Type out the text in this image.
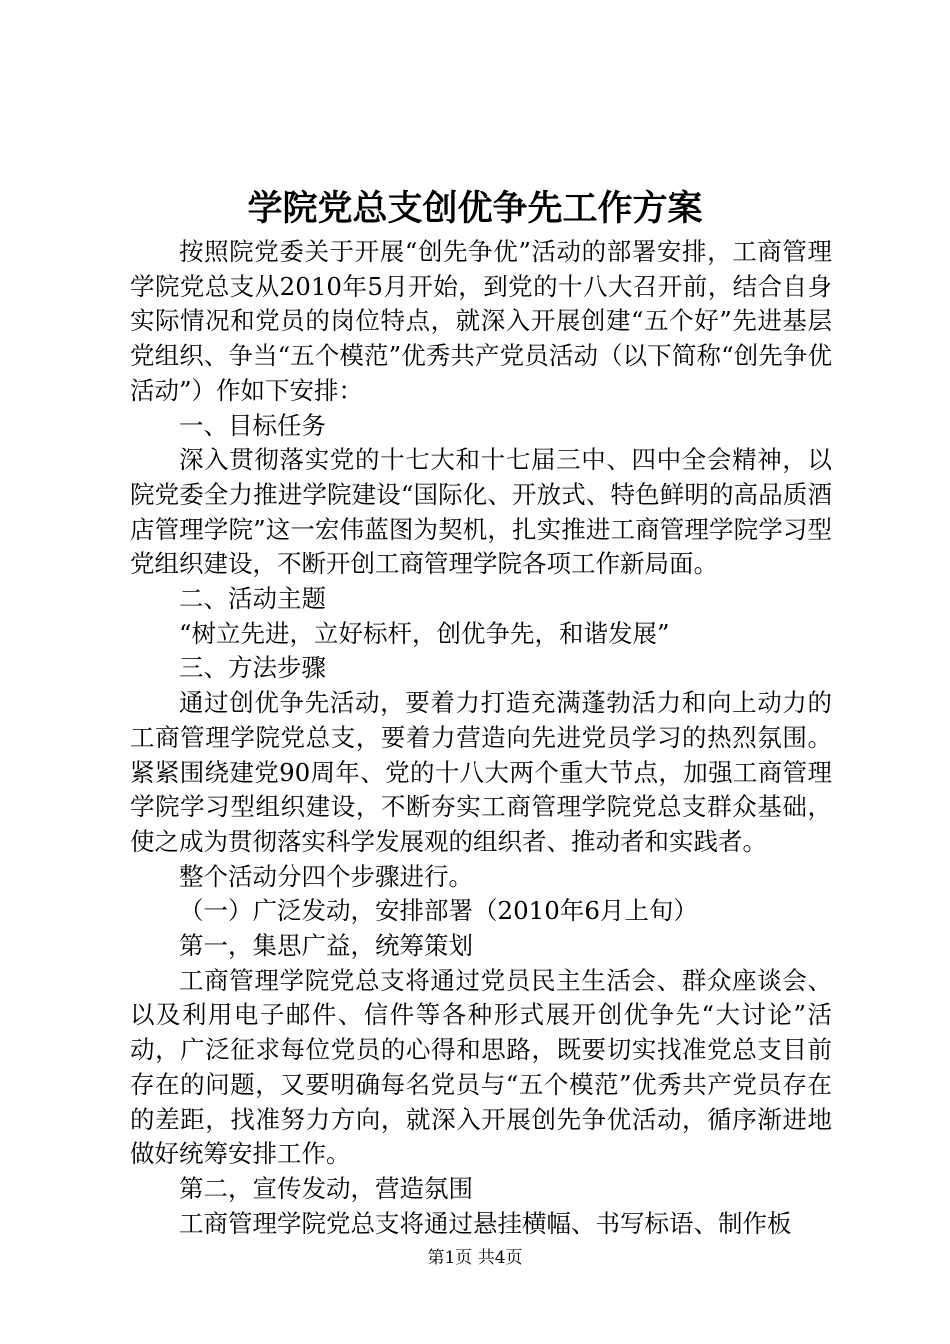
学院党总支创优争先工作方案

按照院党委关于开展“创先争优”活动的部署安排，工商管理学院党总支从2010年5月开始，到党的十八大召开前，结合自身实际情况和党员的岗位特点，就深入开展创建“五个好”先进基层党组织、争当“五个模范”优秀共产党员活动（以下简称“创先争优活动”）作如下安排：

一、目标任务

深入贯彻落实党的十七大和十七届三中、四中全会精神，以院党委全力推进学院建设“国际化、开放式、特色鲜明的高品质酒店管理学院”这一宏伟蓝图为契机，扎实推进工商管理学院学习型党组织建设，不断开创工商管理学院各项工作新局面。

二、活动主题

“树立先进，立好标杆，创优争先，和谐发展”

三、方法步骤

通过创优争先活动，要着力打造充满蓬勃活力和向上动力的工商管理学院党总支，要着力营造向先进党员学习的热烈氛围。紧紧围绕建党90周年、党的十八大两个重大节点，加强工商管理学院学习型组织建设，不断夯实工商管理学院党总支群众基础，使之成为贯彻落实科学发展观的组织者、推动者和实践者。

整个活动分四个步骤进行。

（一）广泛发动，安排部署（2010年6月上旬）

第一，集思广益，统筹策划

工商管理学院党总支将通过党员民主生活会、群众座谈会、以及利用电子邮件、信件等各种形式展开创优争先“大讨论”活动，广泛征求每位党员的心得和思路，既要切实找准党总支目前存在的问题，又要明确每名党员与“五个模范”优秀共产党员存在的差距，找准努力方向，就深入开展创先争优活动，循序渐进地做好统筹安排工作。

第二，宣传发动，营造氛围

工商管理学院党总支将通过悬挂横幅、书写标语、制作板

第1页 共4页
